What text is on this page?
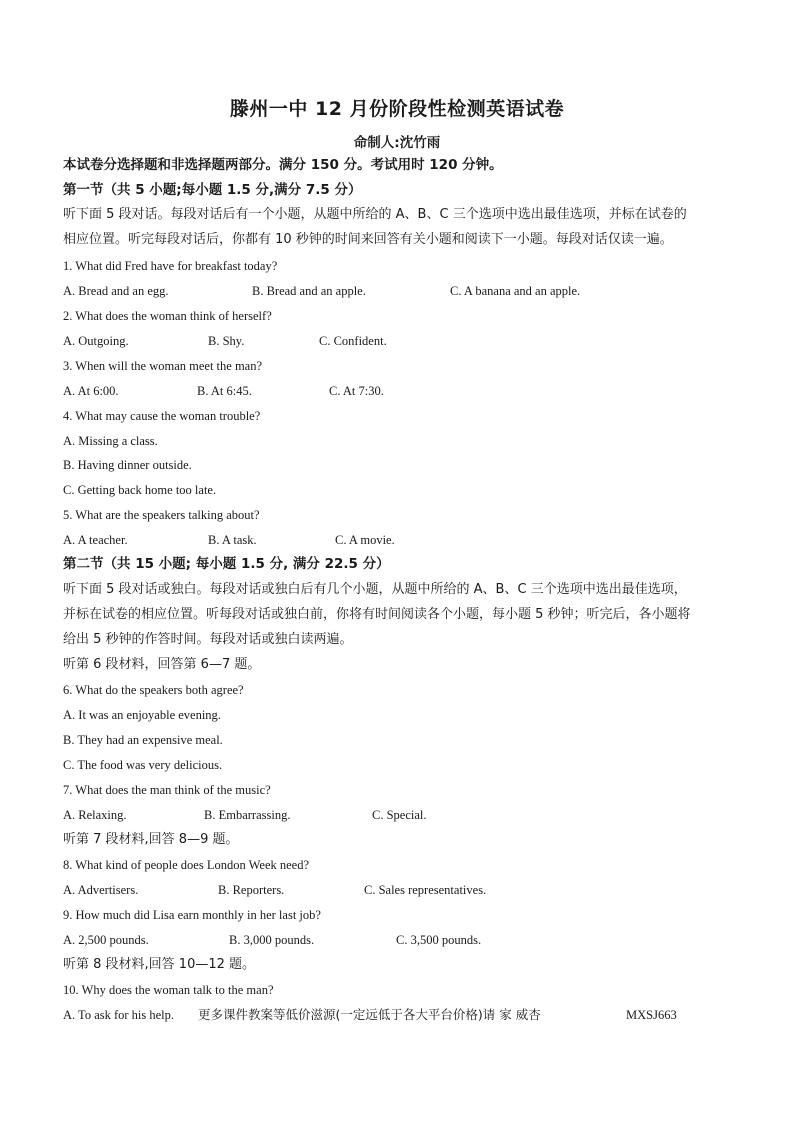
滕州一中 12 月份阶段性检测英语试卷
命制人:沈竹雨
本试卷分选择题和非选择题两部分。满分 150 分。考试用时 120 分钟。
第一节（共 5 小题;每小题 1.5 分,满分 7.5 分）
听下面 5 段对话。每段对话后有一个小题，从题中所给的 A、B、C 三个选项中选出最佳选项，并标在试卷的
相应位置。听完每段对话后，你都有 10 秒钟的时间来回答有关小题和阅读下一小题。每段对话仅读一遍。
1. What did Fred have for breakfast today?
A. Bread and an egg.	B. Bread and an apple.	C. A banana and an apple.
2. What does the woman think of herself?
A. Outgoing.	B. Shy.	C. Confident.
3. When will the woman meet the man?
A. At 6:00.	B. At 6:45.	C. At 7:30.
4. What may cause the woman trouble?
A. Missing a class.
B. Having dinner outside.
C. Getting back home too late.
5. What are the speakers talking about?
A. A teacher.	B. A task.	C. A movie.
第二节（共 15 小题; 每小题 1.5 分, 满分 22.5 分）
听下面 5 段对话或独白。每段对话或独白后有几个小题，从题中所给的 A、B、C 三个选项中选出最佳选项，
并标在试卷的相应位置。听每段对话或独白前，你将有时间阅读各个小题，每小题 5 秒钟；听完后，各小题将
给出 5 秒钟的作答时间。每段对话或独白读两遍。
听第 6 段材料，回答第 6—7 题。
6. What do the speakers both agree?
A. It was an enjoyable evening.
B. They had an expensive meal.
C. The food was very delicious.
7. What does the man think of the music?
A. Relaxing.	B. Embarrassing.	C. Special.
听第 7 段材料,回答 8—9 题。
8. What kind of people does London Week need?
A. Advertisers.	B. Reporters.	C. Sales representatives.
9. How much did Lisa earn monthly in her last job?
A. 2,500 pounds.	B. 3,000 pounds.	C. 3,500 pounds.
听第 8 段材料,回答 10—12 题。
10. Why does the woman talk to the man?
A. To ask for his help. 更多课件教案等低价滋源(一定远低于各大平台价格)请 家 威杏	MXSJ663
